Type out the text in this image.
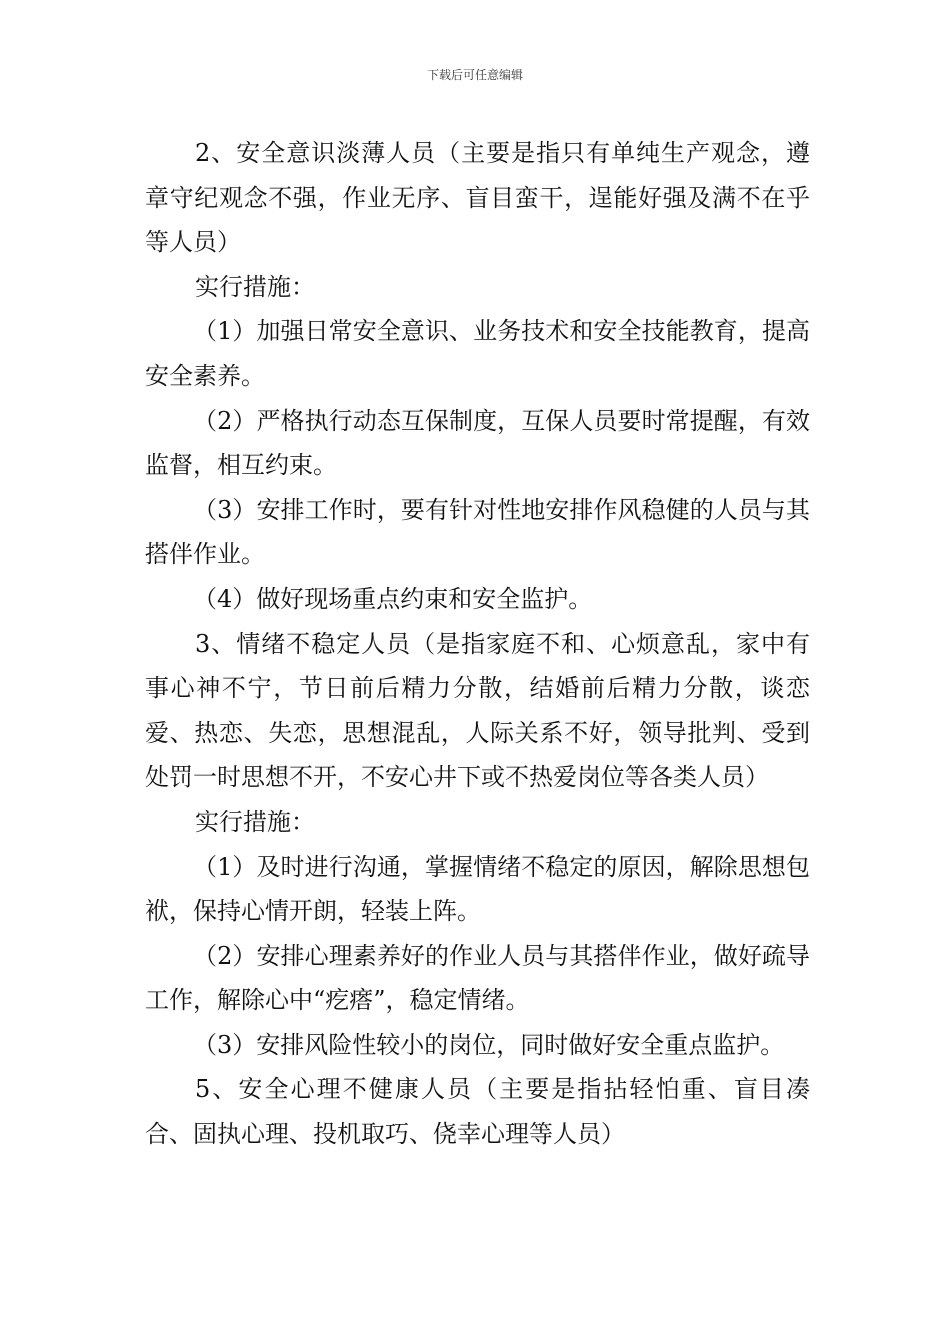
下载后可任意编辑

2、安全意识淡薄人员（主要是指只有单纯生产观念，遵章守纪观念不强，作业无序、盲目蛮干，逞能好强及满不在乎等人员）

实行措施：

（1）加强日常安全意识、业务技术和安全技能教育，提高安全素养。

（2）严格执行动态互保制度，互保人员要时常提醒，有效监督，相互约束。

（3）安排工作时，要有针对性地安排作风稳健的人员与其搭伴作业。

（4）做好现场重点约束和安全监护。

3、情绪不稳定人员（是指家庭不和、心烦意乱，家中有事心神不宁，节日前后精力分散，结婚前后精力分散，谈恋爱、热恋、失恋，思想混乱，人际关系不好，领导批判、受到处罚一时思想不开，不安心井下或不热爱岗位等各类人员）

实行措施：

（1）及时进行沟通，掌握情绪不稳定的原因，解除思想包袱，保持心情开朗，轻装上阵。

（2）安排心理素养好的作业人员与其搭伴作业，做好疏导工作，解除心中“疙瘩”，稳定情绪。

（3）安排风险性较小的岗位，同时做好安全重点监护。

5、安全心理不健康人员（主要是指拈轻怕重、盲目凑合、固执心理、投机取巧、侥幸心理等人员）
